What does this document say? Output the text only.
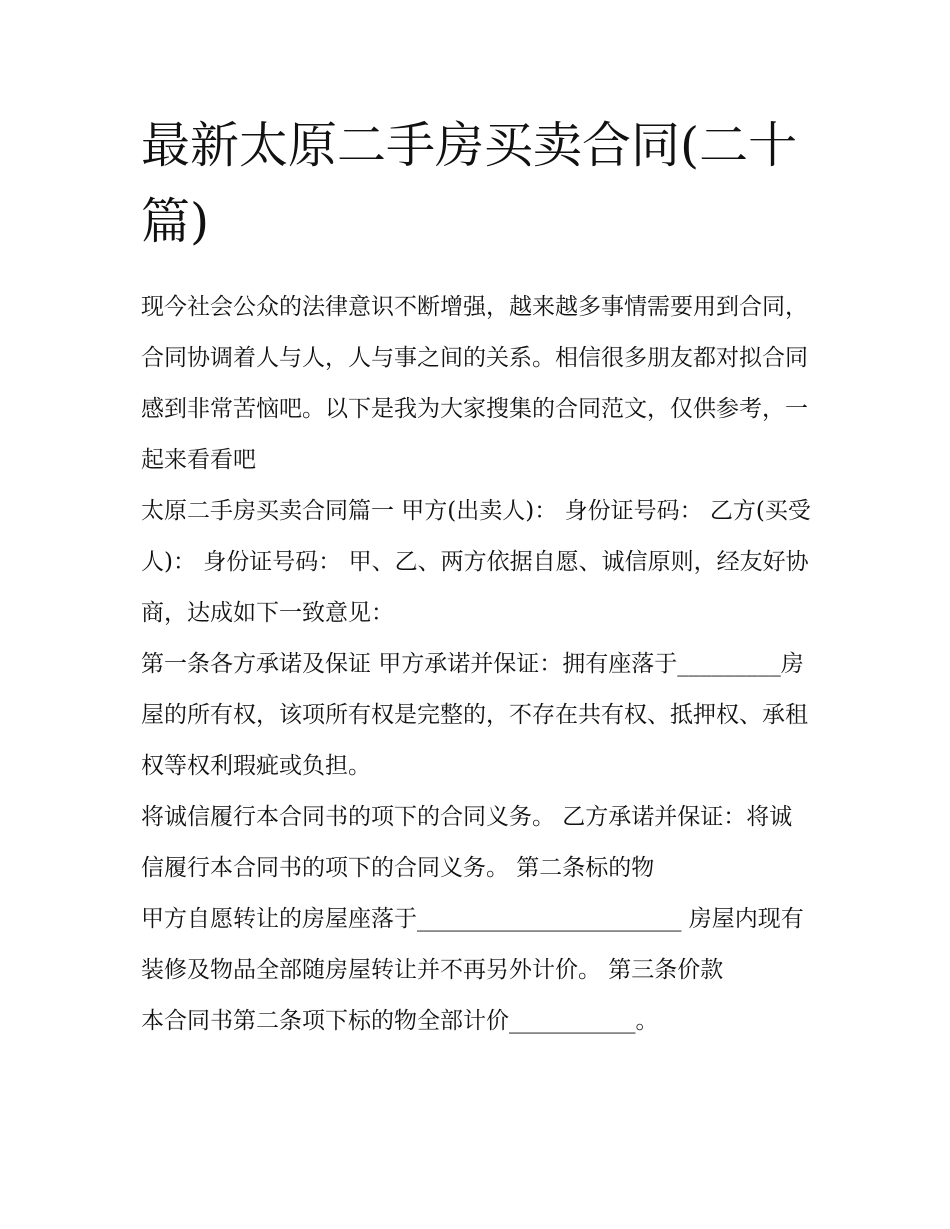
最新太原二手房买卖合同(二十篇)

现今社会公众的法律意识不断增强，越来越多事情需要用到合同，合同协调着人与人，人与事之间的关系。相信很多朋友都对拟合同感到非常苦恼吧。以下是我为大家搜集的合同范文，仅供参考，一起来看看吧

太原二手房买卖合同篇一 甲方(出卖人)： 身份证号码： 乙方(买受人)： 身份证号码： 甲、乙、两方依据自愿、诚信原则，经友好协商，达成如下一致意见：

第一条各方承诺及保证 甲方承诺并保证：拥有座落于_________房屋的所有权，该项所有权是完整的，不存在共有权、抵押权、承租权等权利瑕疵或负担。

将诚信履行本合同书的项下的合同义务。 乙方承诺并保证：将诚信履行本合同书的项下的合同义务。 第二条标的物

甲方自愿转让的房屋座落于_______________________ 房屋内现有装修及物品全部随房屋转让并不再另外计价。 第三条价款

本合同书第二条项下标的物全部计价___________。
